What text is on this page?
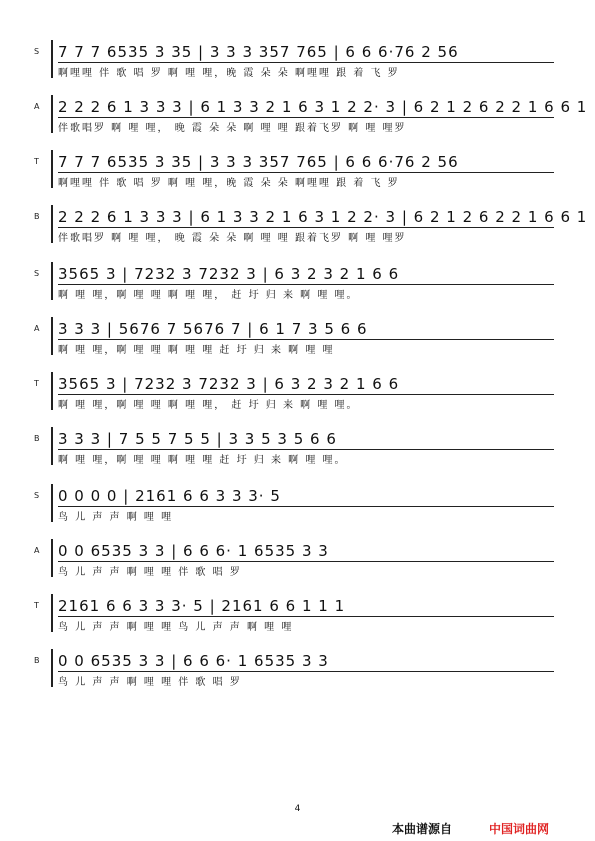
S 7 7 7 6535 3 35 | 3 3 3 357 765 | 6 6 6·76 2 56
啊哩哩 伴 歌 唱 罗 啊 哩 哩，晚 霞 朵 朵 啊哩哩 跟 着 飞 罗
A 2 2 2 6 1 3 3 3 | 6 1 3 3 2 1 6 3 1 2 2· 3 | 6 2 1 2 6 2 2 1 6 6 1
伴歌唱罗 啊 哩 哩， 晚 霞 朵 朵 啊 哩 哩 跟着飞罗 啊 哩 哩罗
T 7 7 7 6535 3 35 | 3 3 3 357 765 | 6 6 6·76 2 56
啊哩哩 伴 歌 唱 罗 啊 哩 哩，晚 霞 朵 朵 啊哩哩 跟 着 飞 罗
B 2 2 2 6 1 3 3 3 | 6 1 3 3 2 1 6 3 1 2 2· 3 | 6 2 1 2 6 2 2 1 6 6 1
伴歌唱罗 啊 哩 哩， 晚 霞 朵 朵 啊 哩 哩 跟着飞罗 啊 哩 哩罗
S 3565 3 | 7232 3 7232 3 | 6 3 2 3 2 1 6 6
啊 哩 哩，啊 哩 哩 啊 哩 哩， 赶 圩 归 来 啊 哩 哩。
A 3 3 3 | 5676 7 5676 7 | 6 1 7 3 5 6 6
啊 哩 哩，啊 哩 哩 啊 哩 哩 赶 圩 归 来 啊 哩 哩
T 3565 3 | 7232 3 7232 3 | 6 3 2 3 2 1 6 6
啊 哩 哩，啊 哩 哩 啊 哩 哩， 赶 圩 归 来 啊 哩 哩。
B 3 3 3 | 7 5 5 7 5 5 | 3 3 5 3 5 6 6
啊 哩 哩，啊 哩 哩 啊 哩 哩 赶 圩 归 来 啊 哩 哩。
S 0 0 0 0 | 2161 6 6 3 3 3· 5
鸟 儿 声 声 啊 哩 哩
A 0 0 6535 3 3 | 6 6 6· 1 6535 3 3
鸟 儿 声 声 啊 哩 哩 伴 歌 唱 罗
T 2161 6 6 3 3 3· 5 | 2161 6 6 1 1 1
鸟 儿 声 声 啊 哩 哩 鸟 儿 声 声 啊 哩 哩
B 0 0 6535 3 3 | 6 6 6· 1 6535 3 3
鸟 儿 声 声 啊 哩 哩 伴 歌 唱 罗
4
本曲谱源自	中国词曲网
